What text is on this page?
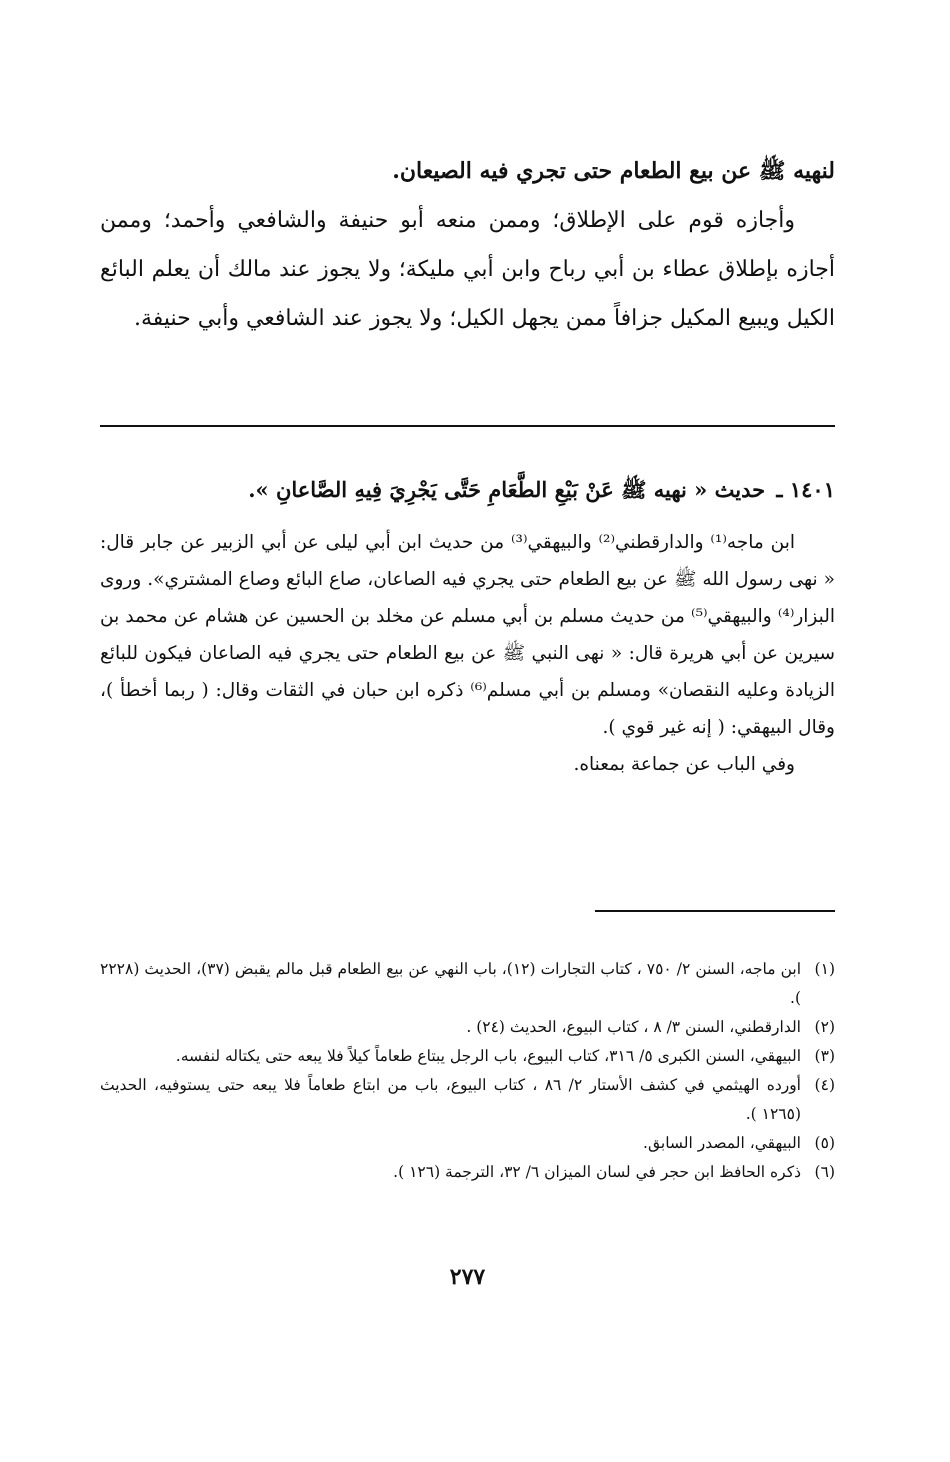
لنهيه ﷺ عن بيع الطعام حتى تجري فيه الصيعان.

وأجازه قوم على الإطلاق؛ وممن منعه أبو حنيفة والشافعي وأحمد؛ وممن أجازه بإطلاق عطاء بن أبي رباح وابن أبي مليكة؛ ولا يجوز عند مالك أن يعلم البائع الكيل ويبيع المكيل جزافاً ممن يجهل الكيل؛ ولا يجوز عند الشافعي وأبي حنيفة.

١٤٠١ ـ حديث « نهيه ﷺ عَنْ بَيْعِ الطَّعَامِ حَتَّى يَجْرِيَ فِيهِ الصَّاعانِ ».

ابن ماجه⁽¹⁾ والدارقطني⁽²⁾ والبيهقي⁽³⁾ من حديث ابن أبي ليلى عن أبي الزبير عن جابر قال: « نهى رسول الله ﷺ عن بيع الطعام حتى يجري فيه الصاعان، صاع البائع وصاع المشتري». وروى البزار⁽⁴⁾ والبيهقي⁽⁵⁾ من حديث مسلم بن أبي مسلم عن مخلد بن الحسين عن هشام عن محمد بن سيرين عن أبي هريرة قال: « نهى النبي ﷺ عن بيع الطعام حتى يجري فيه الصاعان فيكون للبائع الزيادة وعليه النقصان» ومسلم بن أبي مسلم⁽⁶⁾ ذكره ابن حبان في الثقات وقال: ( ربما أخطأ )، وقال البيهقي: ( إنه غير قوي ).

وفي الباب عن جماعة بمعناه.

(١)
ابن ماجه، السنن ٢/ ٧٥٠ ، كتاب التجارات (١٢)، باب النهي عن بيع الطعام قبل مالم يقبض (٣٧)، الحديث (٢٢٢٨ ).

(٢)
الدارقطني، السنن ٣/ ٨ ، كتاب البيوع، الحديث (٢٤) .

(٣)
البيهقي، السنن الكبرى ٥/ ٣١٦، كتاب البيوع، باب الرجل يبتاع طعاماً كيلاً فلا يبعه حتى يكتاله لنفسه.

(٤)
أورده الهيثمي في كشف الأستار ٢/ ٨٦ ، كتاب البيوع، باب من ابتاع طعاماً فلا يبعه حتى يستوفيه، الحديث (١٢٦٥ ).

(٥)
البيهقي، المصدر السابق.

(٦)
ذكره الحافظ ابن حجر في لسان الميزان ٦/ ٣٢، الترجمة (١٢٦ ).

٢٧٧
